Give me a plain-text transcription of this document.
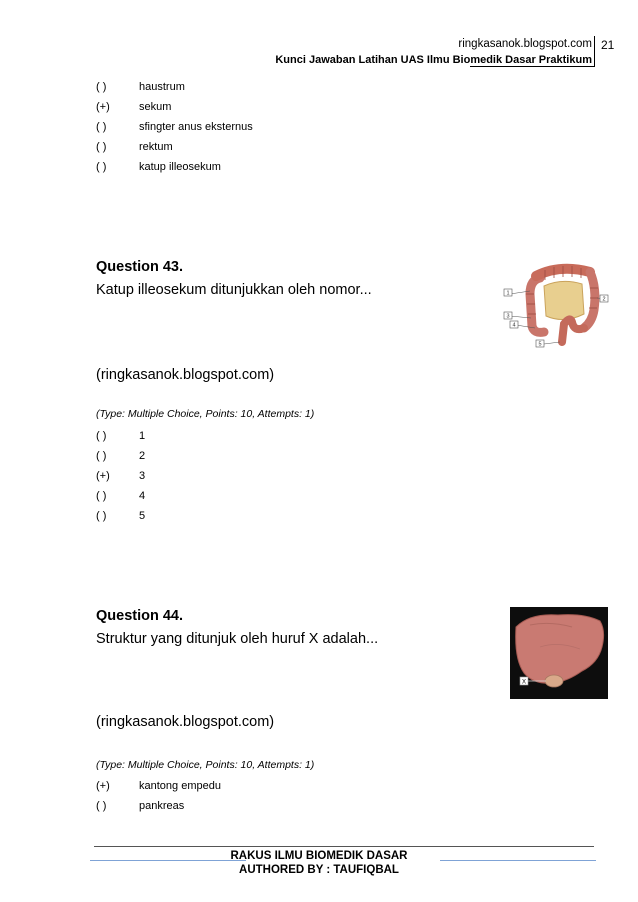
ringkasanok.blogspot.com
Kunci Jawaban Latihan UAS Ilmu Biomedik Dasar Praktikum
21
( )	haustrum
(+)	sekum
( )	sfingter anus eksternus
( )	rektum
( )	katup illeosekum
Question 43.
Katup illeosekum ditunjukkan oleh nomor...	1
2
3
4
5
(ringkasanok.blogspot.com)
(Type: Multiple Choice, Points: 10, Attempts: 1)
( )	1
( )	2
(+)	3
( )	4
( )	5
Question 44.
Struktur yang ditunjuk oleh huruf X adalah...
X
(ringkasanok.blogspot.com)
(Type: Multiple Choice, Points: 10, Attempts: 1)
(+)	kantong empedu
( )	pankreas
RAKUS ILMU BIOMEDIK DASAR
AUTHORED BY : TAUFIQBAL
